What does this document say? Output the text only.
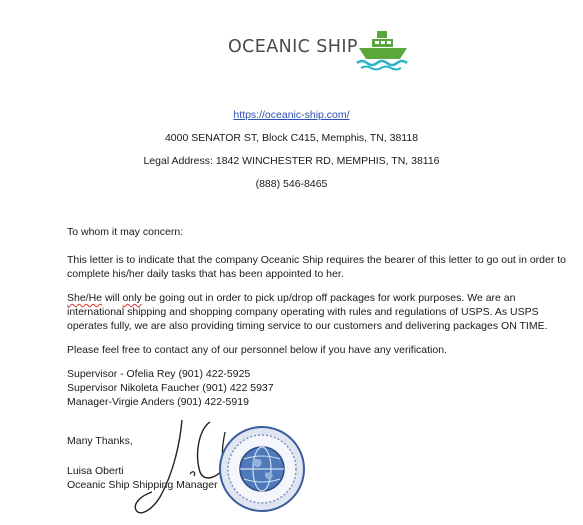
OCEANIC SHIP
https://oceanic-ship.com/
4000 SENATOR ST, Block C415, Memphis, TN, 38118
Legal Address: 1842 WINCHESTER RD, MEMPHIS, TN, 38116
(888) 546-8465
To whom it may concern:
This letter is to indicate that the company Oceanic Ship requires the bearer of this letter to go out in order to complete his/her daily tasks that has been appointed to her.
She/He will only be going out in order to pick up/drop off packages for work purposes. We are an international shipping and shopping company operating with rules and regulations of USPS. As USPS operates fully, we are also providing timing service to our customers and delivering packages ON TIME.
Please feel free to contact any of our personnel below if you have any verification.
Supervisor - Ofelia Rey (901) 422-5925
Supervisor Nikoleta Faucher (901) 422 5937
Manager-Virgie Anders (901) 422-5919
Many Thanks,
Luisa Oberti
Oceanic Ship Shipping Manager
